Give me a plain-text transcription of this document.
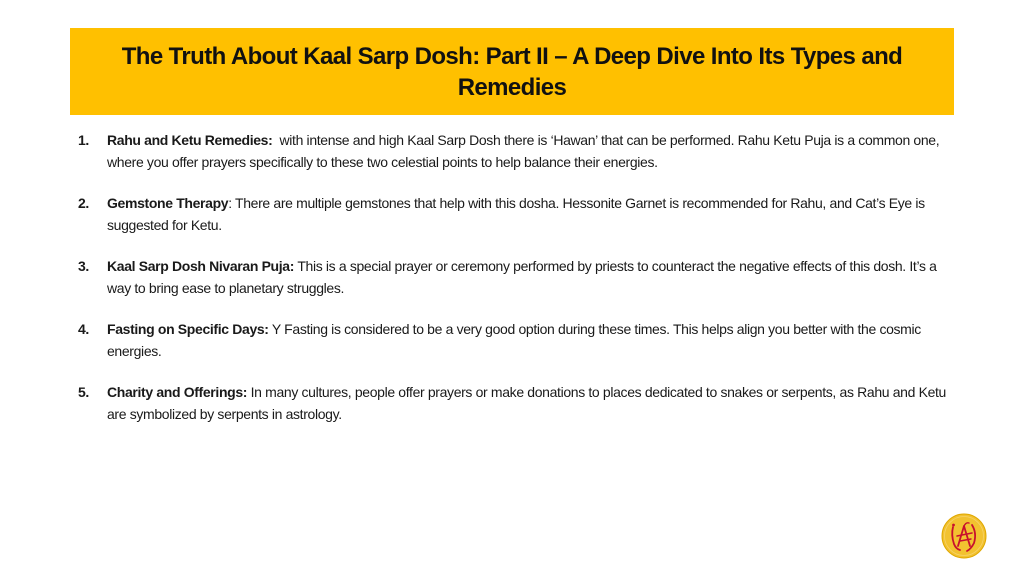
The Truth About Kaal Sarp Dosh: Part II – A Deep Dive Into Its Types and Remedies
1.	Rahu and Ketu Remedies:  with intense and high Kaal Sarp Dosh there is ‘Hawan’ that can be performed. Rahu Ketu Puja is a common one, where you offer prayers specifically to these two celestial points to help balance their energies.
2.	Gemstone Therapy: There are multiple gemstones that help with this dosha. Hessonite Garnet is recommended for Rahu, and Cat’s Eye is suggested for Ketu.
3.	Kaal Sarp Dosh Nivaran Puja: This is a special prayer or ceremony performed by priests to counteract the negative effects of this dosh. It’s a way to bring ease to planetary struggles.
4.	Fasting on Specific Days: Y Fasting is considered to be a very good option during these times. This helps align you better with the cosmic energies.
5.	Charity and Offerings: In many cultures, people offer prayers or make donations to places dedicated to snakes or serpents, as Rahu and Ketu are symbolized by serpents in astrology.
